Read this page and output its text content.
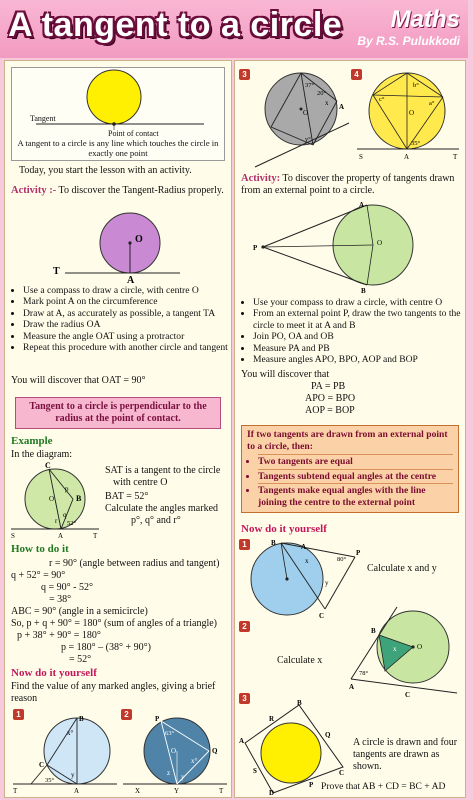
A tangent to a circle	Maths
By R.S. Pulukkodi
Tangent
Point of contact
A tangent to a circle is any line which touches the circle in exactly one point
Today, you start the lesson with an activity.
Activity :- To discover the Tangent-Radius properly.
O
T
A
• Use a compass to draw a circle, with centre O
• Mark point A on the circumference
• Draw at A, as accurately as possible, a tangent TA
• Draw the radius OA
• Measure the angle OAT using a protractor
• Repeat this procedure with another circle and tangent
You will discover that OAT = 90°
Tangent to a circle is perpendicular to the radius at the point of contact.
Example
In the diagram:
C
B
O
p
q
r 52°
S	A	T
SAT is a tangent to the circle
with centre O
BAT = 52°
Calculate the angles marked
p°, q° and r°
How to do it
r = 90° (angle between radius and tangent)
q + 52° = 90°
q = 90° - 52°
= 38°
ABC = 90° (angle in a semicircle)
So, p + q + 90° = 180° (sum of angles of a triangle)
p + 38° + 90° = 180°
p = 180° – (38° + 90°)
= 52°
Now do it yourself
Find the value of any marked angles, giving a brief reason
1	B
x°
C
y
35°
T	A
2	P
Q
63°
O
x°
z y
X	Y	T
3
37°
20°
x
O
y°
A
4
b°
c°
a°
O
35°
S	A	T
Activity: To discover the property of tangents drawn from an external point to a circle.
A
P
O
B
• Use your compass to draw a circle, with centre O
• From an external point P, draw the two tangents to the circle to meet it at A and B
• Join PO, OA and OB
• Measure PA and PB
• Measure angles APO, BPO, AOP and BOP
You will discover that
PA = PB
APO = BPO
AOP = BOP
If two tangents are drawn from an external point to a circle, then:
• Two tangents are equal
• Tangents subtend equal angles at the centre
• Tangents make equal angles with the line joining the centre to the external point
Now do it yourself
1	B	A
x
y
80°
P
C
Calculate x and y
2
Calculate x
O
x
78°
B
A
C
3
A
R
B
Q
S
D
P
C
A circle is drawn and four tangents are drawn as shown.
Prove that AB + CD = BC + AD
